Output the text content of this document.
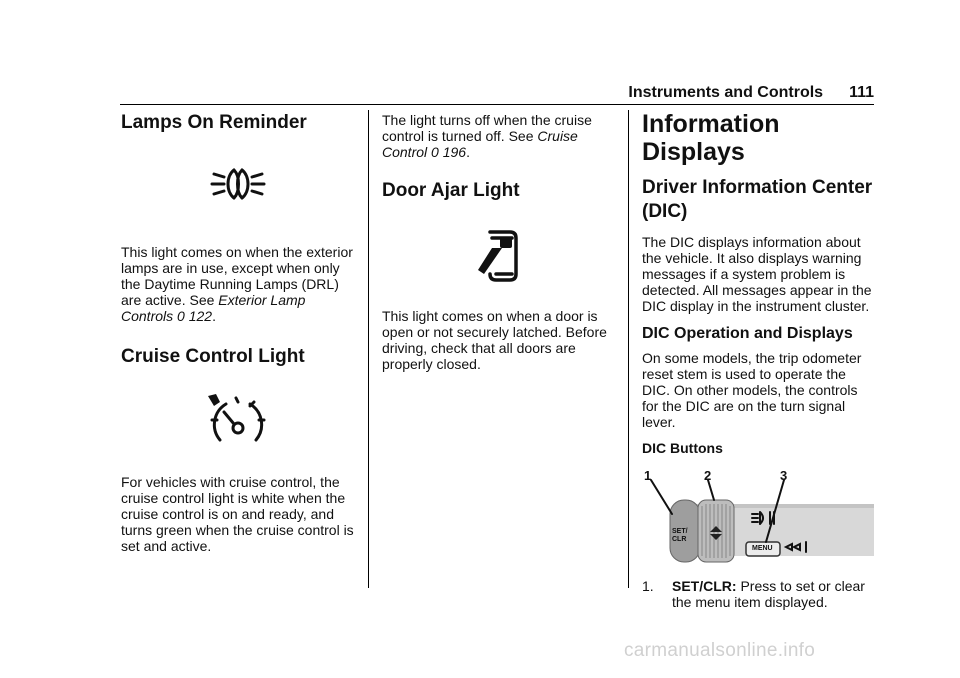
Instruments and Controls 111
Lamps On Reminder

This light comes on when the exterior lamps are in use, except when only the Daytime Running Lamps (DRL) are active. See Exterior Lamp Controls 0 122.

Cruise Control Light

For vehicles with cruise control, the cruise control light is white when the cruise control is on and ready, and turns green when the cruise control is set and active.

The light turns off when the cruise control is turned off. See Cruise Control 0 196.

Door Ajar Light

This light comes on when a door is open or not securely latched. Before driving, check that all doors are properly closed.

Information Displays
Driver Information Center (DIC)

The DIC displays information about the vehicle. It also displays warning messages if a system problem is detected. All messages appear in the DIC display in the instrument cluster.

DIC Operation and Displays

On some models, the trip odometer reset stem is used to operate the DIC. On other models, the controls for the DIC are on the turn signal lever.

DIC Buttons

1	2	3
SET/
CLR
MENU
1.	SET/CLR: Press to set or clear the menu item displayed.
carmanualsonline.info
